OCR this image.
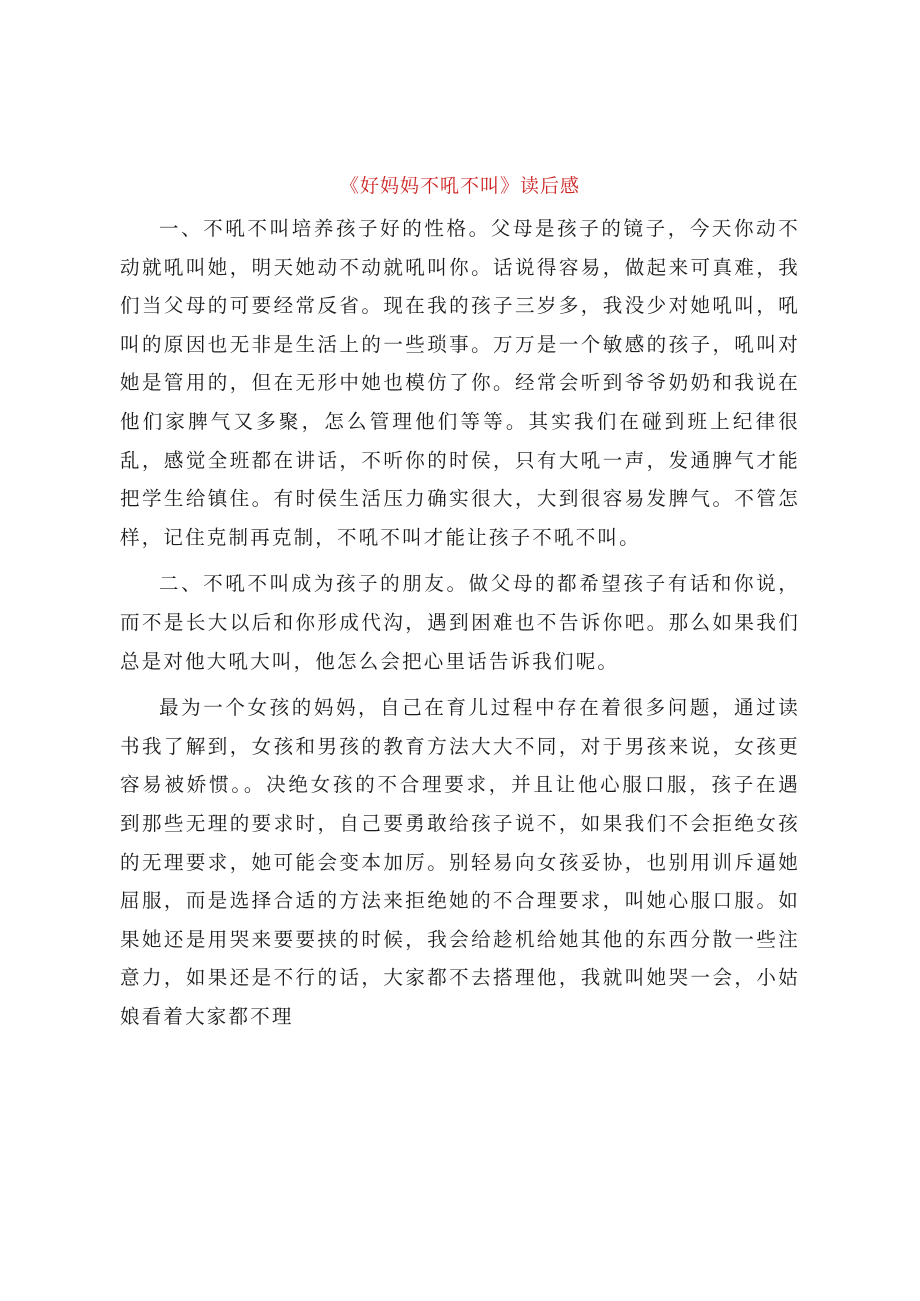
《好妈妈不吼不叫》读后感

一、不吼不叫培养孩子好的性格。父母是孩子的镜子，今天你动不动就吼叫她，明天她动不动就吼叫你。话说得容易，做起来可真难，我们当父母的可要经常反省。现在我的孩子三岁多，我没少对她吼叫，吼叫的原因也无非是生活上的一些琐事。万万是一个敏感的孩子，吼叫对她是管用的，但在无形中她也模仿了你。经常会听到爷爷奶奶和我说在他们家脾气又多聚，怎么管理他们等等。其实我们在碰到班上纪律很乱，感觉全班都在讲话，不听你的时侯，只有大吼一声，发通脾气才能把学生给镇住。有时侯生活压力确实很大，大到很容易发脾气。不管怎样，记住克制再克制，不吼不叫才能让孩子不吼不叫。

二、不吼不叫成为孩子的朋友。做父母的都希望孩子有话和你说，而不是长大以后和你形成代沟，遇到困难也不告诉你吧。那么如果我们总是对他大吼大叫，他怎么会把心里话告诉我们呢。

最为一个女孩的妈妈，自己在育儿过程中存在着很多问题，通过读书我了解到，女孩和男孩的教育方法大大不同，对于男孩来说，女孩更容易被娇惯。。决绝女孩的不合理要求，并且让他心服口服，孩子在遇到那些无理的要求时，自己要勇敢给孩子说不，如果我们不会拒绝女孩的无理要求，她可能会变本加厉。别轻易向女孩妥协，也别用训斥逼她屈服，而是选择合适的方法来拒绝她的不合理要求，叫她心服口服。如果她还是用哭来要要挟的时候，我会给趁机给她其他的东西分散一些注意力，如果还是不行的话，大家都不去搭理他，我就叫她哭一会，小姑娘看着大家都不理
